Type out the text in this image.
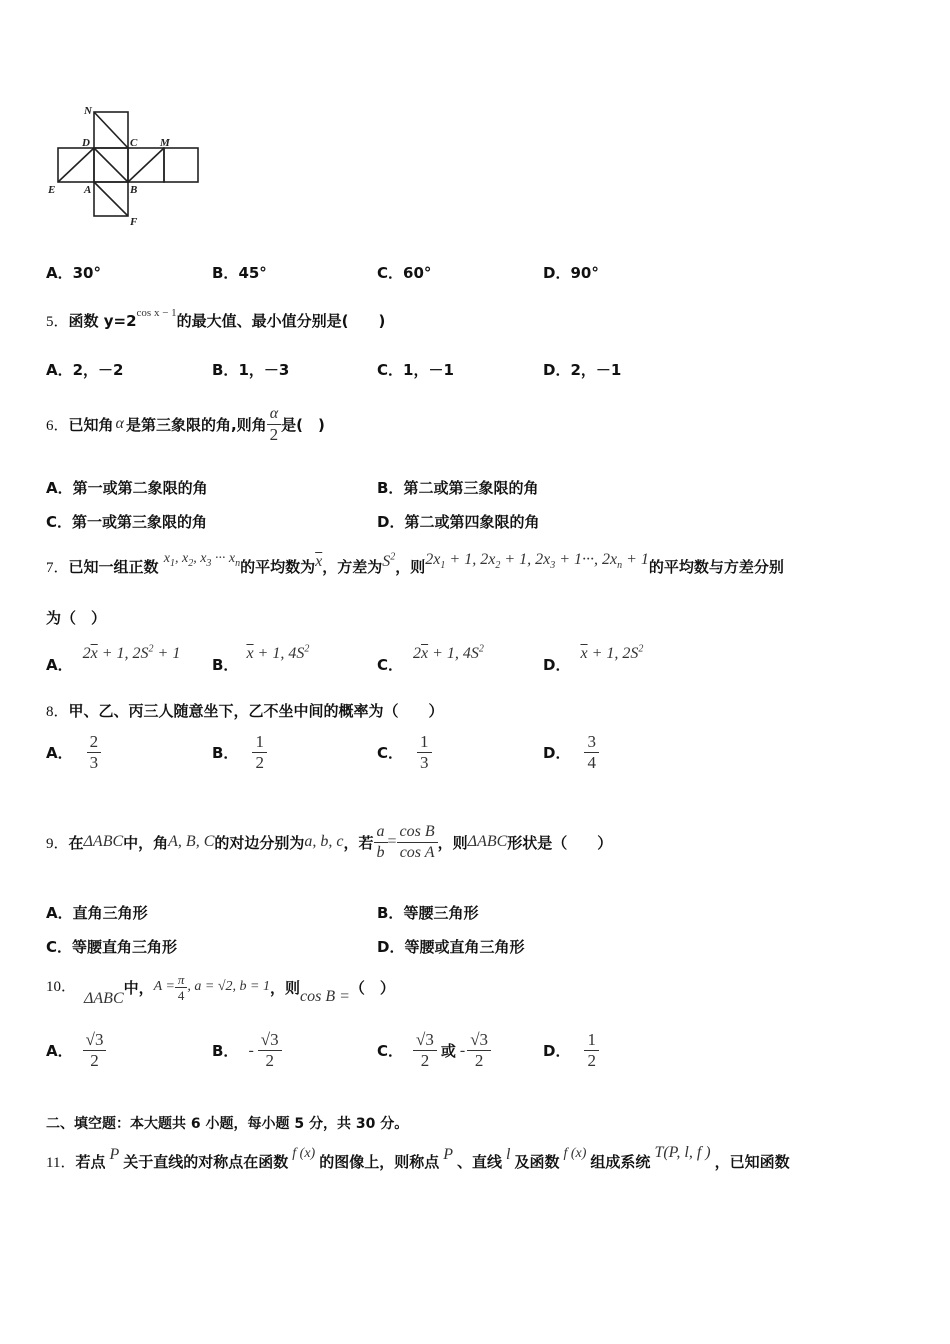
N
D	C M
E	A	B
F
A．30°	B．45°	C．60°	D．90°
5．函数 $y=2^{cos x - 1}$的最大值、最小值分别是(　　)
A．2，－2	B．1，－3	C．1，－1	D．2，－1
6． 已知角 α 是第三象限的角,则角 $\frac{\alpha}{2}$ 是(　)
A．第一或第二象限的角	B．第二或第三象限的角
C．第一或第三象限的角	D．第二或第四象限的角
7．已知一组正数 $x_1$, $x_2$, $x_3$ ··· $x_n$的平均数为$\overline{x}$，方差为$S^2$，则$2x_1 + 1$, $2x_2 + 1$, $2x_3 + 1\cdot\cdot\cdot$, $2x_n + 1$的平均数与方差分别
为（　）
A．$2\overline{x} + 1$, $2S^2 + 1$
B．$\overline{x} + 1$, $4S^2$
C．$2\overline{x} + 1$, $4S^2$
D．$\overline{x} + 1$, $2S^2$
8．甲、乙、丙三人随意坐下，乙不坐中间的概率为（　　）
A． $\frac{2}{3}$	B． $\frac{1}{2}$	C． $\frac{1}{3}$	D． $\frac{3}{4}$
9． 在 ΔABC 中，角 A, B, C 的对边分别为 a, b, c ，若 $\frac{a}{b} = \frac{\text{cos B}}{\text{cos A}}$ ，则 ΔABC 形状是（　　）
A．直角三角形	B．等腰三角形
C．等腰直角三角形	D．等腰或直角三角形
10．
ΔABC
中， $A = \frac{\pi}{4}$ , a = √2, b = 1 ，则 cos B = （　）
A． $\frac{√3}{2}$	B． - $\frac{√3}{2}$	C． $\frac{√3}{2}$ 或 - $\frac{√3}{2}$	D． $\frac{1}{2}$
二、填空题：本大题共 6 小题，每小题 5 分，共 30 分。
11．若点 P 关于直线的对称点在函数 f (x) 的图像上，则称点 P 、直线 l 及函数 f (x) 组成系统T(P, l, f )，已知函数
